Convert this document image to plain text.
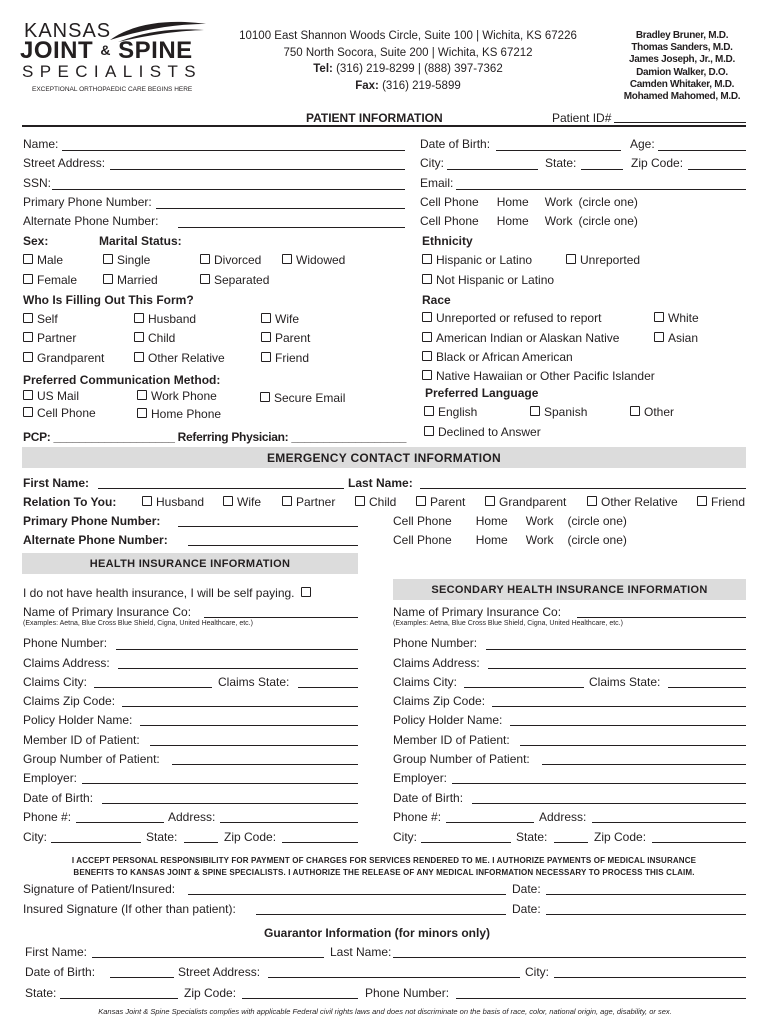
KANSAS
JOINT & SPINE
SPECIALISTS
EXCEPTIONAL ORTHOPAEDIC CARE BEGINS HERE
10100 East Shannon Woods Circle, Suite 100 | Wichita, KS 67226
750 North Socora, Suite 200 | Wichita, KS 67212
Tel: (316) 219-8299 | (888) 397-7362
Fax: (316) 219-5899
Bradley Bruner, M.D.
Thomas Sanders, M.D.
James Joseph, Jr., M.D.
Damion Walker, D.O.
Camden Whitaker, M.D.
Mohamed Mahomed, M.D.
PATIENT INFORMATION	Patient ID#
Name:
Street Address:
SSN:
Primary Phone Number:
Alternate Phone Number:
Sex:	Marital Status:
Male	Single	Divorced	Widowed
Female	Married	Separated
Who Is Filling Out This Form?
Self	Husband	Wife
Partner	Child	Parent
Grandparent	Other Relative	Friend
Preferred Communication Method:
US Mail	Work Phone	Secure Email
Cell Phone	Home Phone
PCP: ___________________ Referring Physician: __________________
Date of Birth:	Age:
City:	State:	Zip Code:
Email:
Cell Phone Home Work (circle one)
Cell Phone Home Work (circle one)
Ethnicity
Hispanic or Latino	Unreported
Not Hispanic or Latino
Race
Unreported or refused to report	White
American Indian or Alaskan Native	Asian
Black or African American
Native Hawaiian or Other Pacific Islander
Preferred Language
English	Spanish	Other
Declined to Answer
EMERGENCY CONTACT INFORMATION
First Name:	Last Name:
Relation To You:	Husband	Wife	Partner	Child	Parent	Grandparent	Other Relative	Friend
Primary Phone Number:	Cell Phone Home Work (circle one)
Alternate Phone Number:	Cell Phone Home Work (circle one)
HEALTH INSURANCE INFORMATION
SECONDARY HEALTH INSURANCE INFORMATION
I do not have health insurance, I will be self paying.
Name of Primary Insurance Co:
(Examples: Aetna, Blue Cross Blue Shield, Cigna, United Healthcare, etc.)
Name of Primary Insurance Co:
(Examples: Aetna, Blue Cross Blue Shield, Cigna, United Healthcare, etc.)
Phone Number:
Claims Address:
Claims City:	Claims State:
Claims Zip Code:
Policy Holder Name:
Member ID of Patient:
Group Number of Patient:
Employer:
Date of Birth:
Phone #:	Address:
City:	State:	Zip Code:
Phone Number:
Claims Address:
Claims City:	Claims State:
Claims Zip Code:
Policy Holder Name:
Member ID of Patient:
Group Number of Patient:
Employer:
Date of Birth:
Phone #:	Address:
City:	State:	Zip Code:
I ACCEPT PERSONAL RESPONSIBILITY FOR PAYMENT OF CHARGES FOR SERVICES RENDERED TO ME. I AUTHORIZE PAYMENTS OF MEDICAL INSURANCE
BENEFITS TO KANSAS JOINT & SPINE SPECIALISTS. I AUTHORIZE THE RELEASE OF ANY MEDICAL INFORMATION NECESSARY TO PROCESS THIS CLAIM.
Signature of Patient/Insured:	Date:
Insured Signature (If other than patient):	Date:
Guarantor Information (for minors only)
First Name:	Last Name:
Date of Birth:	Street Address:	City:
State:	Zip Code:	Phone Number:
Kansas Joint & Spine Specialists complies with applicable Federal civil rights laws and does not discriminate on the basis of race, color, national origin, age, disability, or sex.
